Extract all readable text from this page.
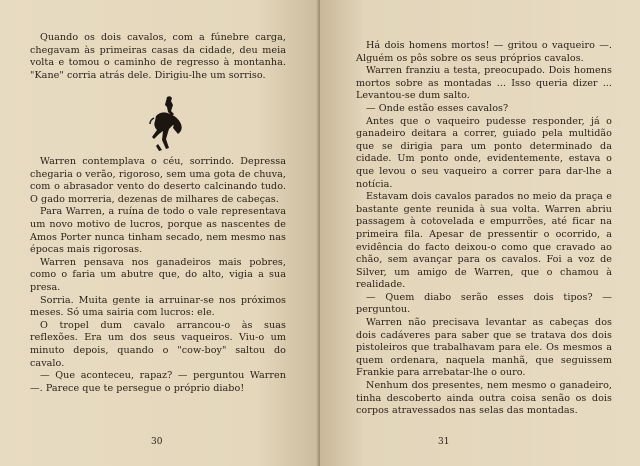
Quando os dois cavalos, com a fúnebre carga, chegavam às primeiras casas da cidade, deu meia volta e tomou o caminho de regresso à montanha. "Kane" corria atrás dele. Dirigiu-lhe um sorriso.

Warren contemplava o céu, sorrindo. Depressa chegaria o verão, rigoroso, sem uma gota de chuva, com o abrasador vento do deserto calcinando tudo. O gado morreria, dezenas de milhares de cabeças.

Para Warren, a ruína de todo o vale representava um novo motivo de lucros, porque as nascentes de Amos Porter nunca tinham secado, nem mesmo nas épocas mais rigorosas.

Warren pensava nos ganadeiros mais pobres, como o faria um abutre que, do alto, vigia a sua presa.

Sorria. Muita gente ia arruinar-se nos próximos meses. Só uma sairia com lucros: ele.

O tropel dum cavalo arrancou-o às suas reflexões. Era um dos seus vaqueiros. Viu-o um minuto depois, quando o "cow-boy" saltou do cavalo.

— Que aconteceu, rapaz? — perguntou Warren —. Parece que te persegue o próprio diabo!

30

Há dois homens mortos! — gritou o vaqueiro —. Alguém os pôs sobre os seus próprios cavalos.

Warren franziu a testa, preocupado. Dois homens mortos sobre as montadas ... Isso queria dizer ... Levantou-se dum salto.

— Onde estão esses cavalos?

Antes que o vaqueiro pudesse responder, já o ganadeiro deitara a correr, guiado pela multidão que se dirigia para um ponto determinado da cidade. Um ponto onde, evidentemente, estava o que levou o seu vaqueiro a correr para dar-lhe a notícia.

Estavam dois cavalos parados no meio da praça e bastante gente reunida à sua volta. Warren abriu passagem à cotovelada e empurrões, até ficar na primeira fila. Apesar de pressentir o ocorrido, a evidência do facto deixou-o como que cravado ao chão, sem avançar para os cavalos. Foi a voz de Silver, um amigo de Warren, que o chamou à realidade.

— Quem diabo serão esses dois tipos? — perguntou.

Warren não precisava levantar as cabeças dos dois cadáveres para saber que se tratava dos dois pistoleiros que trabalhavam para ele. Os mesmos a quem ordenara, naquela manhã, que seguissem Frankie para arrebatar-lhe o ouro.

Nenhum dos presentes, nem mesmo o ganadeiro, tinha descoberto ainda outra coisa senão os dois corpos atravessados nas selas das montadas.

31
